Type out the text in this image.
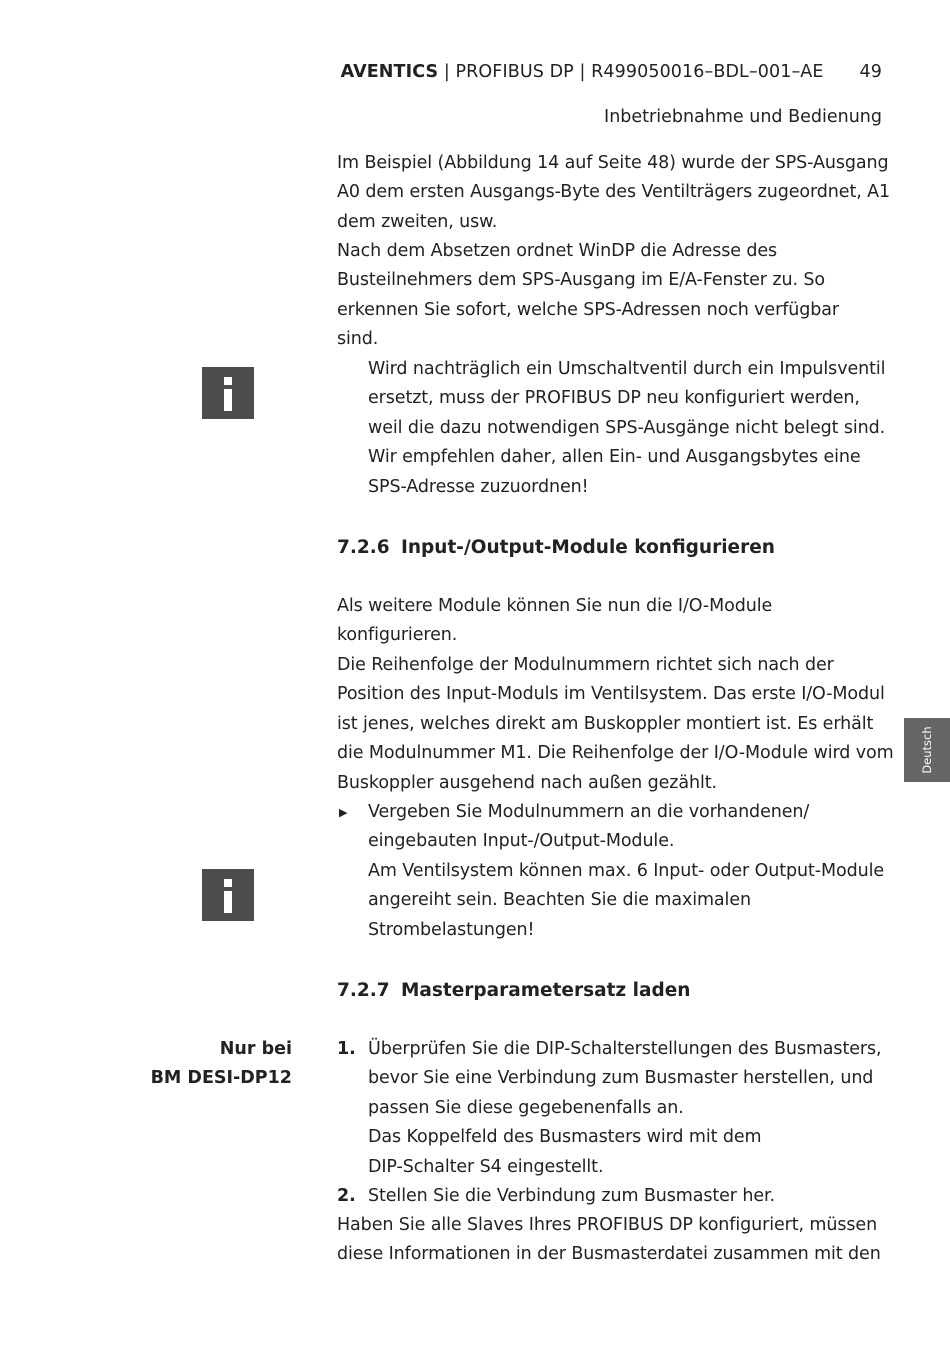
AVENTICS | PROFIBUS DP | R499050016–BDL–001–AE 49
Inbetriebnahme und Bedienung
Deutsch
Im Beispiel (Abbildung 14 auf Seite 48) wurde der SPS-Ausgang
A0 dem ersten Ausgangs-Byte des Ventilträgers zugeordnet, A1
dem zweiten, usw.
Nach dem Absetzen ordnet WinDP die Adresse des
Busteilnehmers dem SPS-Ausgang im E/A-Fenster zu. So
erkennen Sie sofort, welche SPS-Adressen noch verfügbar
sind.
Wird nachträglich ein Umschaltventil durch ein Impulsventil
ersetzt, muss der PROFIBUS DP neu konfiguriert werden,
weil die dazu notwendigen SPS-Ausgänge nicht belegt sind.
Wir empfehlen daher, allen Ein- und Ausgangsbytes eine
SPS-Adresse zuzuordnen!
7.2.6 Input-/Output-Module konfigurieren
Als weitere Module können Sie nun die I/O-Module
konfigurieren.
Die Reihenfolge der Modulnummern richtet sich nach der
Position des Input-Moduls im Ventilsystem. Das erste I/O-Modul
ist jenes, welches direkt am Buskoppler montiert ist. Es erhält
die Modulnummer M1. Die Reihenfolge der I/O-Module wird vom
Buskoppler ausgehend nach außen gezählt.
▶ Vergeben Sie Modulnummern an die vorhandenen/
eingebauten Input-/Output-Module.
Am Ventilsystem können max. 6 Input- oder Output-Module
angereiht sein. Beachten Sie die maximalen
Strombelastungen!
7.2.7 Masterparametersatz laden
Nur bei
BM DESI-DP12
1. Überprüfen Sie die DIP-Schalterstellungen des Busmasters,
bevor Sie eine Verbindung zum Busmaster herstellen, und
passen Sie diese gegebenenfalls an.
Das Koppelfeld des Busmasters wird mit dem
DIP-Schalter S4 eingestellt.
2. Stellen Sie die Verbindung zum Busmaster her.
Haben Sie alle Slaves Ihres PROFIBUS DP konfiguriert, müssen
diese Informationen in der Busmasterdatei zusammen mit den
